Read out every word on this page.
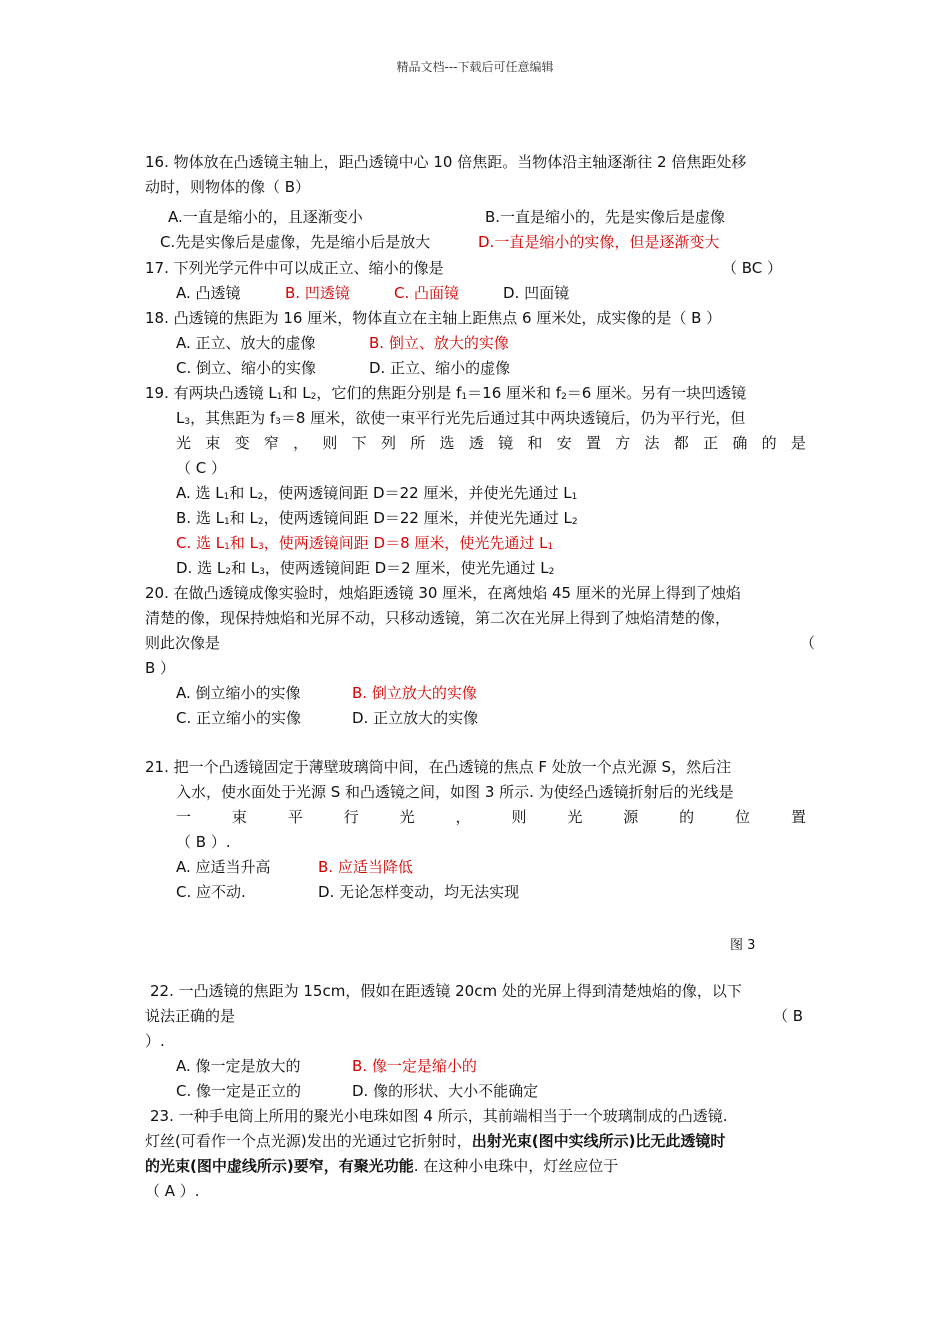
精品文档---下载后可任意编辑
16. 物体放在凸透镜主轴上，距凸透镜中心 10 倍焦距。当物体沿主轴逐渐往 2 倍焦距处移
动时，则物体的像（ B）
A.一直是缩小的，且逐渐变小	B.一直是缩小的，先是实像后是虚像
C.先是实像后是虚像，先是缩小后是放大	D.一直是缩小的实像，但是逐渐变大
17. 下列光学元件中可以成正立、缩小的像是	（ BC ）
A. 凸透镜	B. 凹透镜	C. 凸面镜	D. 凹面镜
18. 凸透镜的焦距为 16 厘米，物体直立在主轴上距焦点 6 厘米处，成实像的是（ B ）
A. 正立、放大的虚像	B. 倒立、放大的实像
C. 倒立、缩小的实像	D. 正立、缩小的虚像
19. 有两块凸透镜 $L_1$和 $L_2$，它们的焦距分别是 $f_1=16$ 厘米和 $f_2=6$ 厘米。另有一块凹透镜
$L_3$，其焦距为 $f_3=8$ 厘米，欲使一束平行光先后通过其中两块透镜后，仍为平行光，但
光 束 变 窄 ， 则 下 列 所 选 透 镜 和 安 置 方 法 都 正 确 的 是
（ C ）
A. 选 $L_1$和 $L_2$，使两透镜间距 D＝22 厘米，并使光先通过 $L_1$
B. 选 $L_1$和 $L_2$，使两透镜间距 D＝22 厘米，并使光先通过 $L_2$
C. 选 $L_1$和 $L_3$，使两透镜间距 D＝8 厘米，使光先通过 $L_1$
D. 选 $L_2$和 $L_3$，使两透镜间距 D＝2 厘米，使光先通过 $L_2$
20. 在做凸透镜成像实验时，烛焰距透镜 30 厘米，在离烛焰 45 厘米的光屏上得到了烛焰
清楚的像，现保持烛焰和光屏不动，只移动透镜，第二次在光屏上得到了烛焰清楚的像，
则此次像是	（
B ）
A. 倒立缩小的实像	B. 倒立放大的实像
C. 正立缩小的实像	D. 正立放大的实像
21. 把一个凸透镜固定于薄壁玻璃筒中间，在凸透镜的焦点 F 处放一个点光源 S，然后注
入水，使水面处于光源 S 和凸透镜之间，如图 3 所示. 为使经凸透镜折射后的光线是
一	束	平	行	光	，	则	光	源	的	位	置
（ B ）.
A. 应适当升高	B. 应适当降低
C. 应不动.	D. 无论怎样变动，均无法实现
图 3
22. 一凸透镜的焦距为 15cm，假如在距透镜 20cm 处的光屏上得到清楚烛焰的像，以下
说法正确的是	（ B
）.
A. 像一定是放大的	B. 像一定是缩小的
C. 像一定是正立的	D. 像的形状、大小不能确定
23. 一种手电筒上所用的聚光小电珠如图 4 所示，其前端相当于一个玻璃制成的凸透镜.
灯丝(可看作一个点光源)发出的光通过它折射时，出射光束(图中实线所示)比无此透镜时
的光束(图中虚线所示)要窄，有聚光功能. 在这种小电珠中，灯丝应位于
（ A ）.
